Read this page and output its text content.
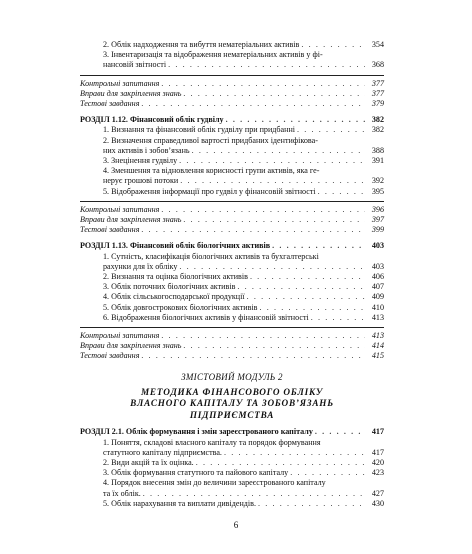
2. Облік надходження та вибуття нематеріальних активів . . .	354
3. Інвентаризація та відображення нематеріальних активів у фі-
нансовій звітності . . .	368
Контрольні запитання . . .	377
Вправи для закріплення знань . . .	377
Тестові завдання . . .	379
РОЗДІЛ 1.12. Фінансовий облік гудвілу . . .	382
1. Визнання та фінансовий облік гудвілу при придбанні . . .	382
2. Визначення справедливої вартості придбаних ідентифікова-
них активів і зобов’язань . . .	388
3. Знецінення гудвілу . . .	391
4. Зменшення та відновлення корисності групи активів, яка ге-
нерує грошові потоки . . .	392
5. Відображення інформації про гудвіл у фінансовій звітності . . .	395
Контрольні запитання . . .	396
Вправи для закріплення знань . . .	397
Тестові завдання . . .	399
РОЗДІЛ 1.13. Фінансовий облік біологічних активів . . .	403
1. Сутність, класифікація біологічних активів та бухгалтерські
рахунки для їх обліку . . .	403
2. Визнання та оцінка біологічних активів . . .	406
3. Облік поточних біологічних активів . . .	407
4. Облік сільськогосподарської продукції . . .	409
5. Облік довгострокових біологічних активів . . .	410
6. Відображення біологічних активів у фінансовій звітності . . .	413
Контрольні запитання . . .	413
Вправи для закріплення знань . . .	414
Тестові завдання . . .	415
ЗМІСТОВИЙ МОДУЛЬ 2
МЕТОДИКА ФІНАНСОВОГО ОБЛІКУ
ВЛАСНОГО КАПІТАЛУ ТА ЗОБОВ’ЯЗАНЬ
ПІДПРИЄМСТВА
РОЗДІЛ 2.1. Облік формування і змін зареєстрованого капіталу . . .	417
1. Поняття, складові власного капіталу та порядок формування
статутного капіталу підприємства. . . .	417
2. Види акцій та їх оцінка. . . .	420
3. Облік формування статутного та пайового капіталу . . .	423
4. Порядок внесення змін до величини зареєстрованого капіталу
та їх облік. . . .	427
5. Облік нарахування та виплати дивідендів. . . .	430
6
